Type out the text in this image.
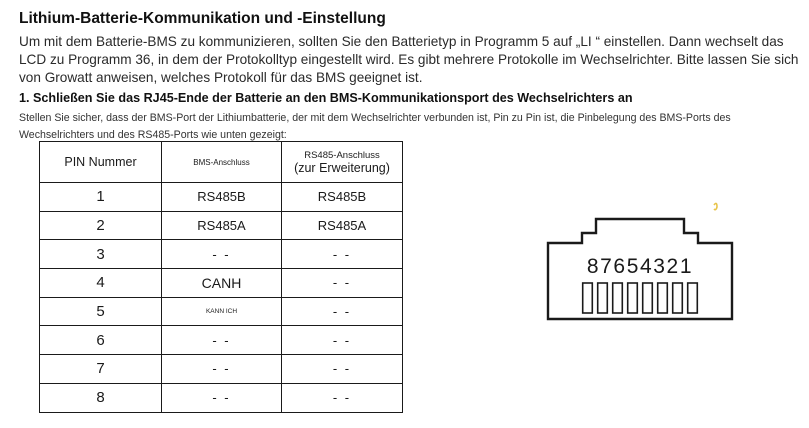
Lithium-Batterie-Kommunikation und -Einstellung
Um mit dem Batterie-BMS zu kommunizieren, sollten Sie den Batterietyp in Programm 5 auf „LI “ einstellen. Dann wechselt das LCD zu Programm 36, in dem der Protokolltyp eingestellt wird. Es gibt mehrere Protokolle im Wechselrichter. Bitte lassen Sie sich von Growatt anweisen, welches Protokoll für das BMS geeignet ist.
1. Schließen Sie das RJ45-Ende der Batterie an den BMS-Kommunikationsport des Wechselrichters an
Stellen Sie sicher, dass der BMS-Port der Lithiumbatterie, der mit dem Wechselrichter verbunden ist, Pin zu Pin ist, die Pinbelegung des BMS-Ports des Wechselrichters und des RS485-Ports wie unten gezeigt:
PIN Nummer	BMS-Anschluss	RS485-Anschluss
(zur Erweiterung)

1	RS485B	RS485B
2	RS485A	RS485A
3	- -	- -
4	CANH	- -
5	KANN ICH	- -
6	- -	- -
7	- -	- -
8	- -	- -
87654321
